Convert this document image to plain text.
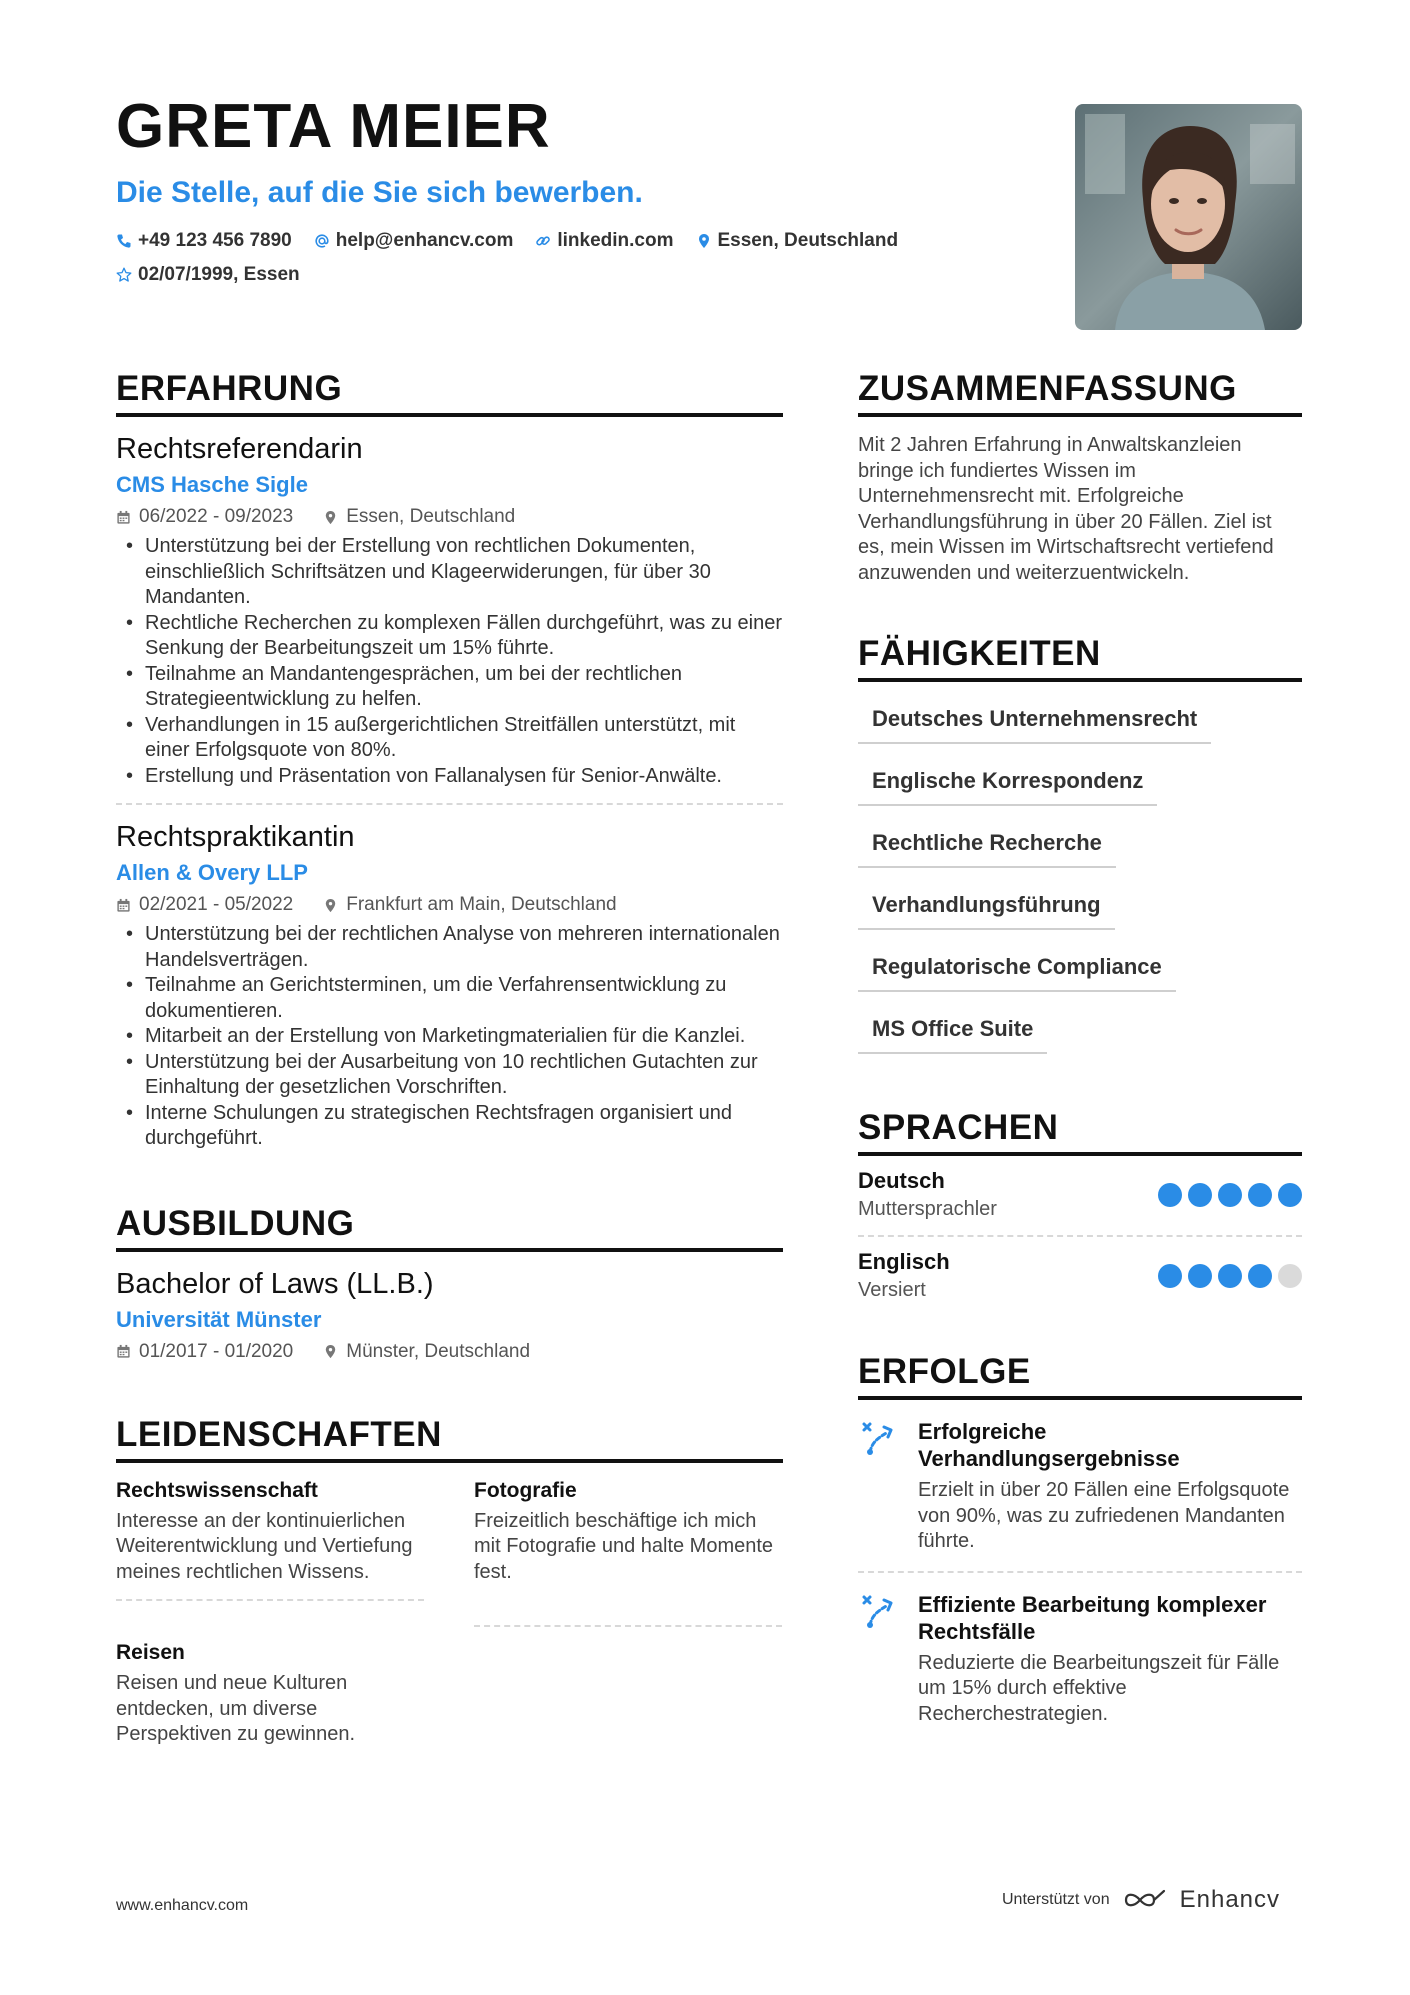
GRETA MEIER
Die Stelle, auf die Sie sich bewerben.
+49 123 456 7890 help@enhancv.com linkedin.com Essen, Deutschland
02/07/1999, Essen
ERFAHRUNG
Rechtsreferendarin
CMS Hasche Sigle
06/2022 - 09/2023	Essen, Deutschland
• Unterstützung bei der Erstellung von rechtlichen Dokumenten, einschließlich Schriftsätzen und Klageerwiderungen, für über 30 Mandanten.
• Rechtliche Recherchen zu komplexen Fällen durchgeführt, was zu einer Senkung der Bearbeitungszeit um 15% führte.
• Teilnahme an Mandantengesprächen, um bei der rechtlichen Strategieentwicklung zu helfen.
• Verhandlungen in 15 außergerichtlichen Streitfällen unterstützt, mit einer Erfolgsquote von 80%.
• Erstellung und Präsentation von Fallanalysen für Senior-Anwälte.
Rechtspraktikantin
Allen & Overy LLP
02/2021 - 05/2022	Frankfurt am Main, Deutschland
• Unterstützung bei der rechtlichen Analyse von mehreren internationalen Handelsverträgen.
• Teilnahme an Gerichtsterminen, um die Verfahrensentwicklung zu dokumentieren.
• Mitarbeit an der Erstellung von Marketingmaterialien für die Kanzlei.
• Unterstützung bei der Ausarbeitung von 10 rechtlichen Gutachten zur Einhaltung der gesetzlichen Vorschriften.
• Interne Schulungen zu strategischen Rechtsfragen organisiert und durchgeführt.
AUSBILDUNG
Bachelor of Laws (LL.B.)
Universität Münster
01/2017 - 01/2020	Münster, Deutschland
LEIDENSCHAFTEN
Rechtswissenschaft
Interesse an der kontinuierlichen Weiterentwicklung und Vertiefung meines rechtlichen Wissens.
Fotografie
Freizeitlich beschäftige ich mich mit Fotografie und halte Momente fest.
Reisen
Reisen und neue Kulturen entdecken, um diverse Perspektiven zu gewinnen.
ZUSAMMENFASSUNG
Mit 2 Jahren Erfahrung in Anwaltskanzleien bringe ich fundiertes Wissen im Unternehmensrecht mit. Erfolgreiche Verhandlungsführung in über 20 Fällen. Ziel ist es, mein Wissen im Wirtschaftsrecht vertiefend anzuwenden und weiterzuentwickeln.
FÄHIGKEITEN
Deutsches Unternehmensrecht
Englische Korrespondenz
Rechtliche Recherche
Verhandlungsführung
Regulatorische Compliance
MS Office Suite
SPRACHEN
Deutsch
Muttersprachler
Englisch
Versiert
ERFOLGE
Erfolgreiche Verhandlungsergebnisse
Erzielt in über 20 Fällen eine Erfolgsquote von 90%, was zu zufriedenen Mandanten führte.
Effiziente Bearbeitung komplexer Rechtsfälle
Reduzierte die Bearbeitungszeit für Fälle um 15% durch effektive Recherchestrategien.
www.enhancv.com	Unterstützt von	Enhancv
